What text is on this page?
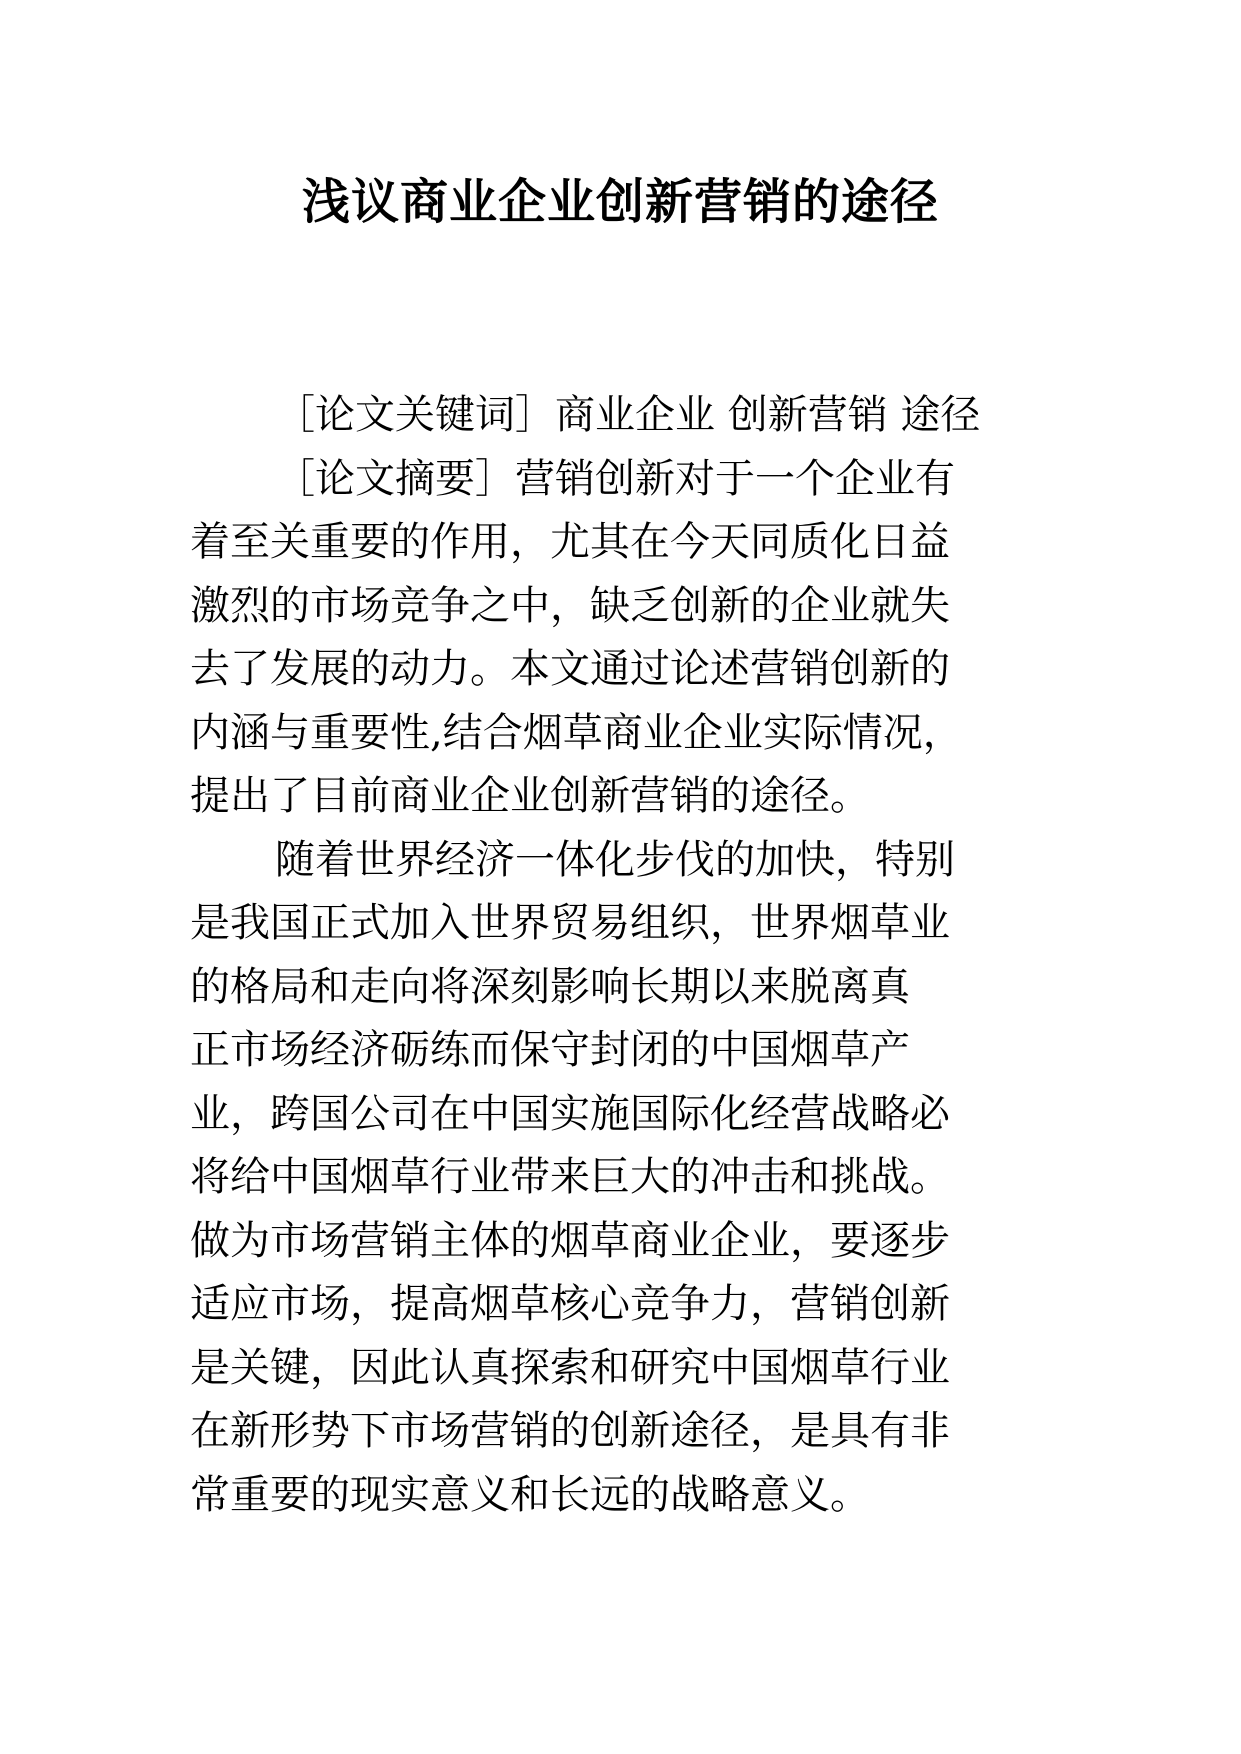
浅议商业企业创新营销的途径
［论文关键词］商业企业 创新营销 途径
［论文摘要］营销创新对于一个企业有
着至关重要的作用，尤其在今天同质化日益
激烈的市场竞争之中，缺乏创新的企业就失
去了发展的动力。本文通过论述营销创新的
内涵与重要性,结合烟草商业企业实际情况，
提出了目前商业企业创新营销的途径。
随着世界经济一体化步伐的加快，特别
是我国正式加入世界贸易组织，世界烟草业
的格局和走向将深刻影响长期以来脱离真
正市场经济砺练而保守封闭的中国烟草产
业，跨国公司在中国实施国际化经营战略必
将给中国烟草行业带来巨大的冲击和挑战。
做为市场营销主体的烟草商业企业，要逐步
适应市场，提高烟草核心竞争力，营销创新
是关键，因此认真探索和研究中国烟草行业
在新形势下市场营销的创新途径，是具有非
常重要的现实意义和长远的战略意义。
